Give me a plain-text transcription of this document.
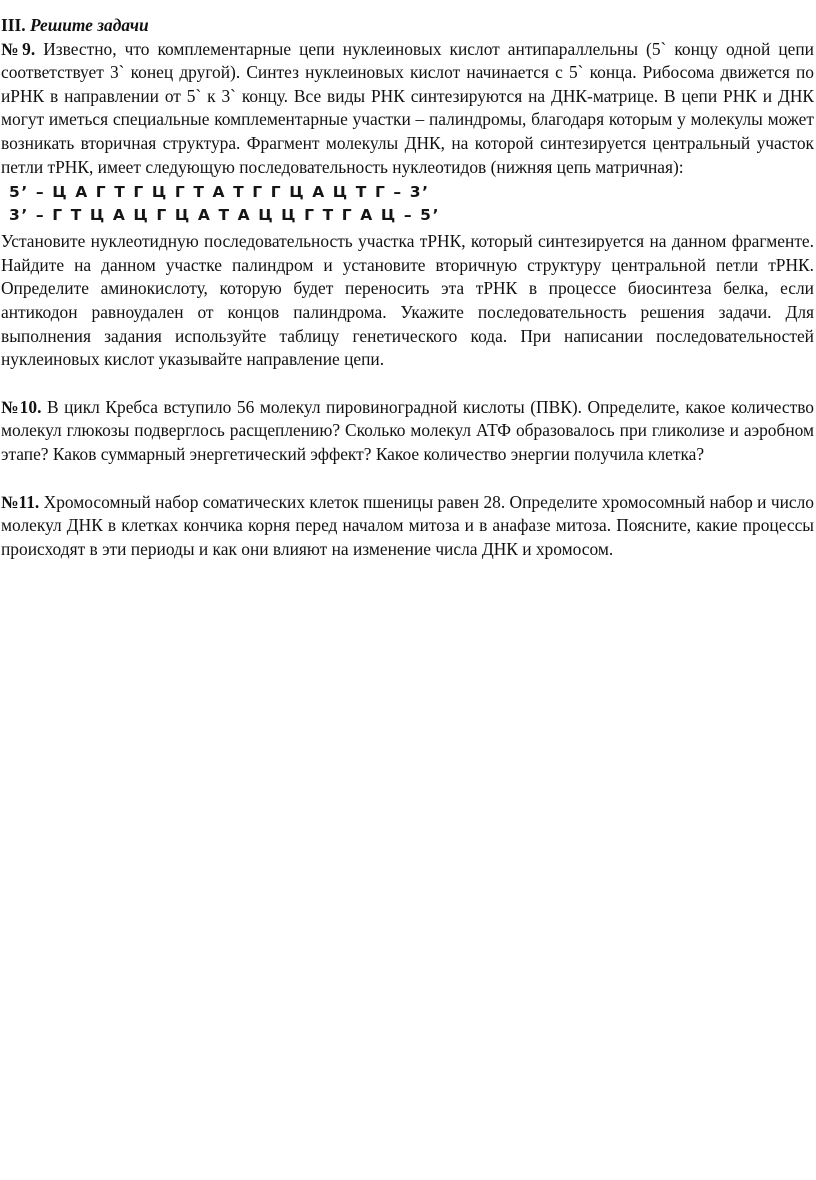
III. Решите задачи

№9. Известно, что комплементарные цепи нуклеиновых кислот антипараллельны (5` концу одной цепи соответствует 3` конец другой). Синтез нуклеиновых кислот начинается с 5` конца. Рибосома движется по иРНК в направлении от 5` к 3` концу. Все виды РНК синтезируются на ДНК-матрице. В цепи РНК и ДНК могут иметься специальные комплементарные участки – палиндромы, благодаря которым у молекулы может возникать вторичная структура. Фрагмент молекулы ДНК, на которой синтезируется центральный участок петли тРНК, имеет следующую последовательность нуклеотидов (нижняя цепь матричная):

5’ – Ц А Г Т Г Ц Г Т А Т Г Г Ц А Ц Т Г – 3’
3’ – Г Т Ц А Ц Г Ц А Т А Ц Ц Г Т Г А Ц – 5’

Установите нуклеотидную последовательность участка тРНК, который синтезируется на данном фрагменте. Найдите на данном участке палиндром и установите вторичную структуру центральной петли тРНК. Определите аминокислоту, которую будет переносить эта тРНК в процессе биосинтеза белка, если антикодон равноудален от концов палиндрома. Укажите последовательность решения задачи. Для выполнения задания используйте таблицу генетического кода. При написании последовательностей нуклеиновых кислот указывайте направление цепи.

№10. В цикл Кребса вступило 56 молекул пировиноградной кислоты (ПВК). Определите, какое количество молекул глюкозы подверглось расщеплению? Сколько молекул АТФ образовалось при гликолизе и аэробном этапе? Каков суммарный энергетический эффект? Какое количество энергии получила клетка?

№11. Хромосомный набор соматических клеток пшеницы равен 28. Определите хромосомный набор и число молекул ДНК в клетках кончика корня перед началом митоза и в анафазе митоза. Поясните, какие процессы происходят в эти периоды и как они влияют на изменение числа ДНК и хромосом.
